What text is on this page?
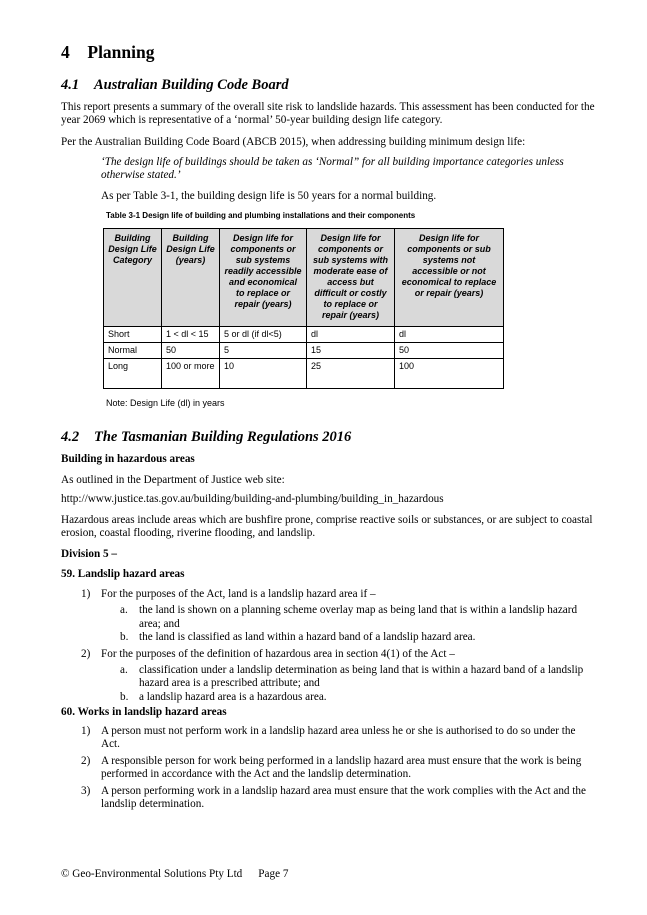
4 Planning
4.1 Australian Building Code Board

This report presents a summary of the overall site risk to landslide hazards. This assessment has been conducted for the year 2069 which is representative of a ‘normal’ 50-year building design life category.

Per the Australian Building Code Board (ABCB 2015), when addressing building minimum design life:

‘The design life of buildings should be taken as ‘Normal” for all building importance categories unless otherwise stated.’

As per Table 3-1, the building design life is 50 years for a normal building.

Table 3-1 Design life of building and plumbing installations and their components
Building Design Life Category	Building Design Life (years)	Design life for components or sub systems readily accessible and economical to replace or repair (years)	Design life for components or sub systems with moderate ease of access but difficult or costly to replace or repair (years)	Design life for components or sub systems not accessible or not economical to replace or repair (years)
Short	1 < dl < 15	5 or dl (if dl<5)	dl	dl
Normal	50	5	15	50
Long	100 or more	10	25	100
Note: Design Life (dl) in years
4.2 The Tasmanian Building Regulations 2016

Building in hazardous areas

As outlined in the Department of Justice web site:

http://www.justice.tas.gov.au/building/building-and-plumbing/building_in_hazardous

Hazardous areas include areas which are bushfire prone, comprise reactive soils or substances, or are subject to coastal erosion, coastal flooding, riverine flooding, and landslip.

Division 5 –

59. Landslip hazard areas

1) For the purposes of the Act, land is a landslip hazard area if –
a. the land is shown on a planning scheme overlay map as being land that is within a landslip hazard area; and
b. the land is classified as land within a hazard band of a landslip hazard area.
2) For the purposes of the definition of hazardous area in section 4(1) of the Act –
a. classification under a landslip determination as being land that is within a hazard band of a landslip hazard area is a prescribed attribute; and
b. a landslip hazard area is a hazardous area.

60. Works in landslip hazard areas

1) A person must not perform work in a landslip hazard area unless he or she is authorised to do so under the Act.
2) A responsible person for work being performed in a landslip hazard area must ensure that the work is being performed in accordance with the Act and the landslip determination.
3) A person performing work in a landslip hazard area must ensure that the work complies with the Act and the landslip determination.
© Geo-Environmental Solutions Pty Ltd Page 7
